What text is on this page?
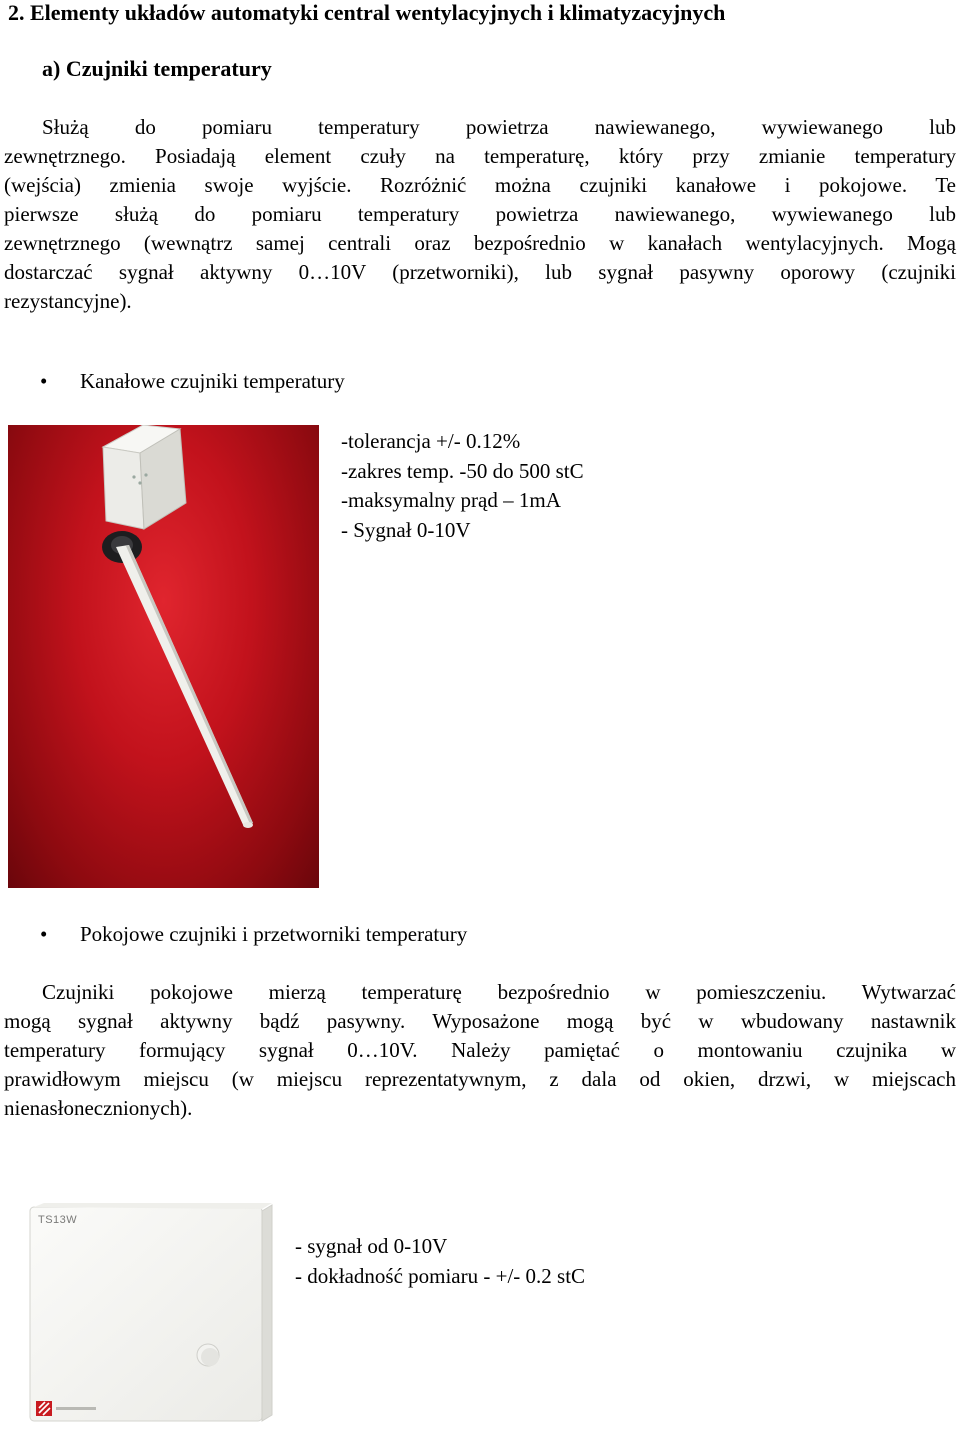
2. Elementy układów automatyki central wentylacyjnych i klimatyzacyjnych
a) Czujniki temperatury
Służą do pomiaru temperatury powietrza nawiewanego, wywiewanego lub
zewnętrznego. Posiadają element czuły na temperaturę, który przy zmianie temperatury
(wejścia) zmienia swoje wyjście. Rozróżnić można czujniki kanałowe i pokojowe. Te
pierwsze służą do pomiaru temperatury powietrza nawiewanego, wywiewanego lub
zewnętrznego (wewnątrz samej centrali oraz bezpośrednio w kanałach wentylacyjnych. Mogą
dostarczać sygnał aktywny 0…10V (przetworniki), lub sygnał pasywny oporowy (czujniki
rezystancyjne).
• Kanałowe czujniki temperatury
-tolerancja +/- 0.12%
-zakres temp. -50 do 500 stC
-maksymalny prąd – 1mA
- Sygnał 0-10V
• Pokojowe czujniki i przetworniki temperatury
Czujniki pokojowe mierzą temperaturę bezpośrednio w pomieszczeniu. Wytwarzać
mogą sygnał aktywny bądź pasywny. Wyposażone mogą być w wbudowany nastawnik
temperatury formujący sygnał 0…10V. Należy pamiętać o montowaniu czujnika w
prawidłowym miejscu (w miejscu reprezentatywnym, z dala od okien, drzwi, w miejscach
nienasłonecznionych).
TS13W
- sygnał od 0-10V
- dokładność pomiaru - +/- 0.2 stC
